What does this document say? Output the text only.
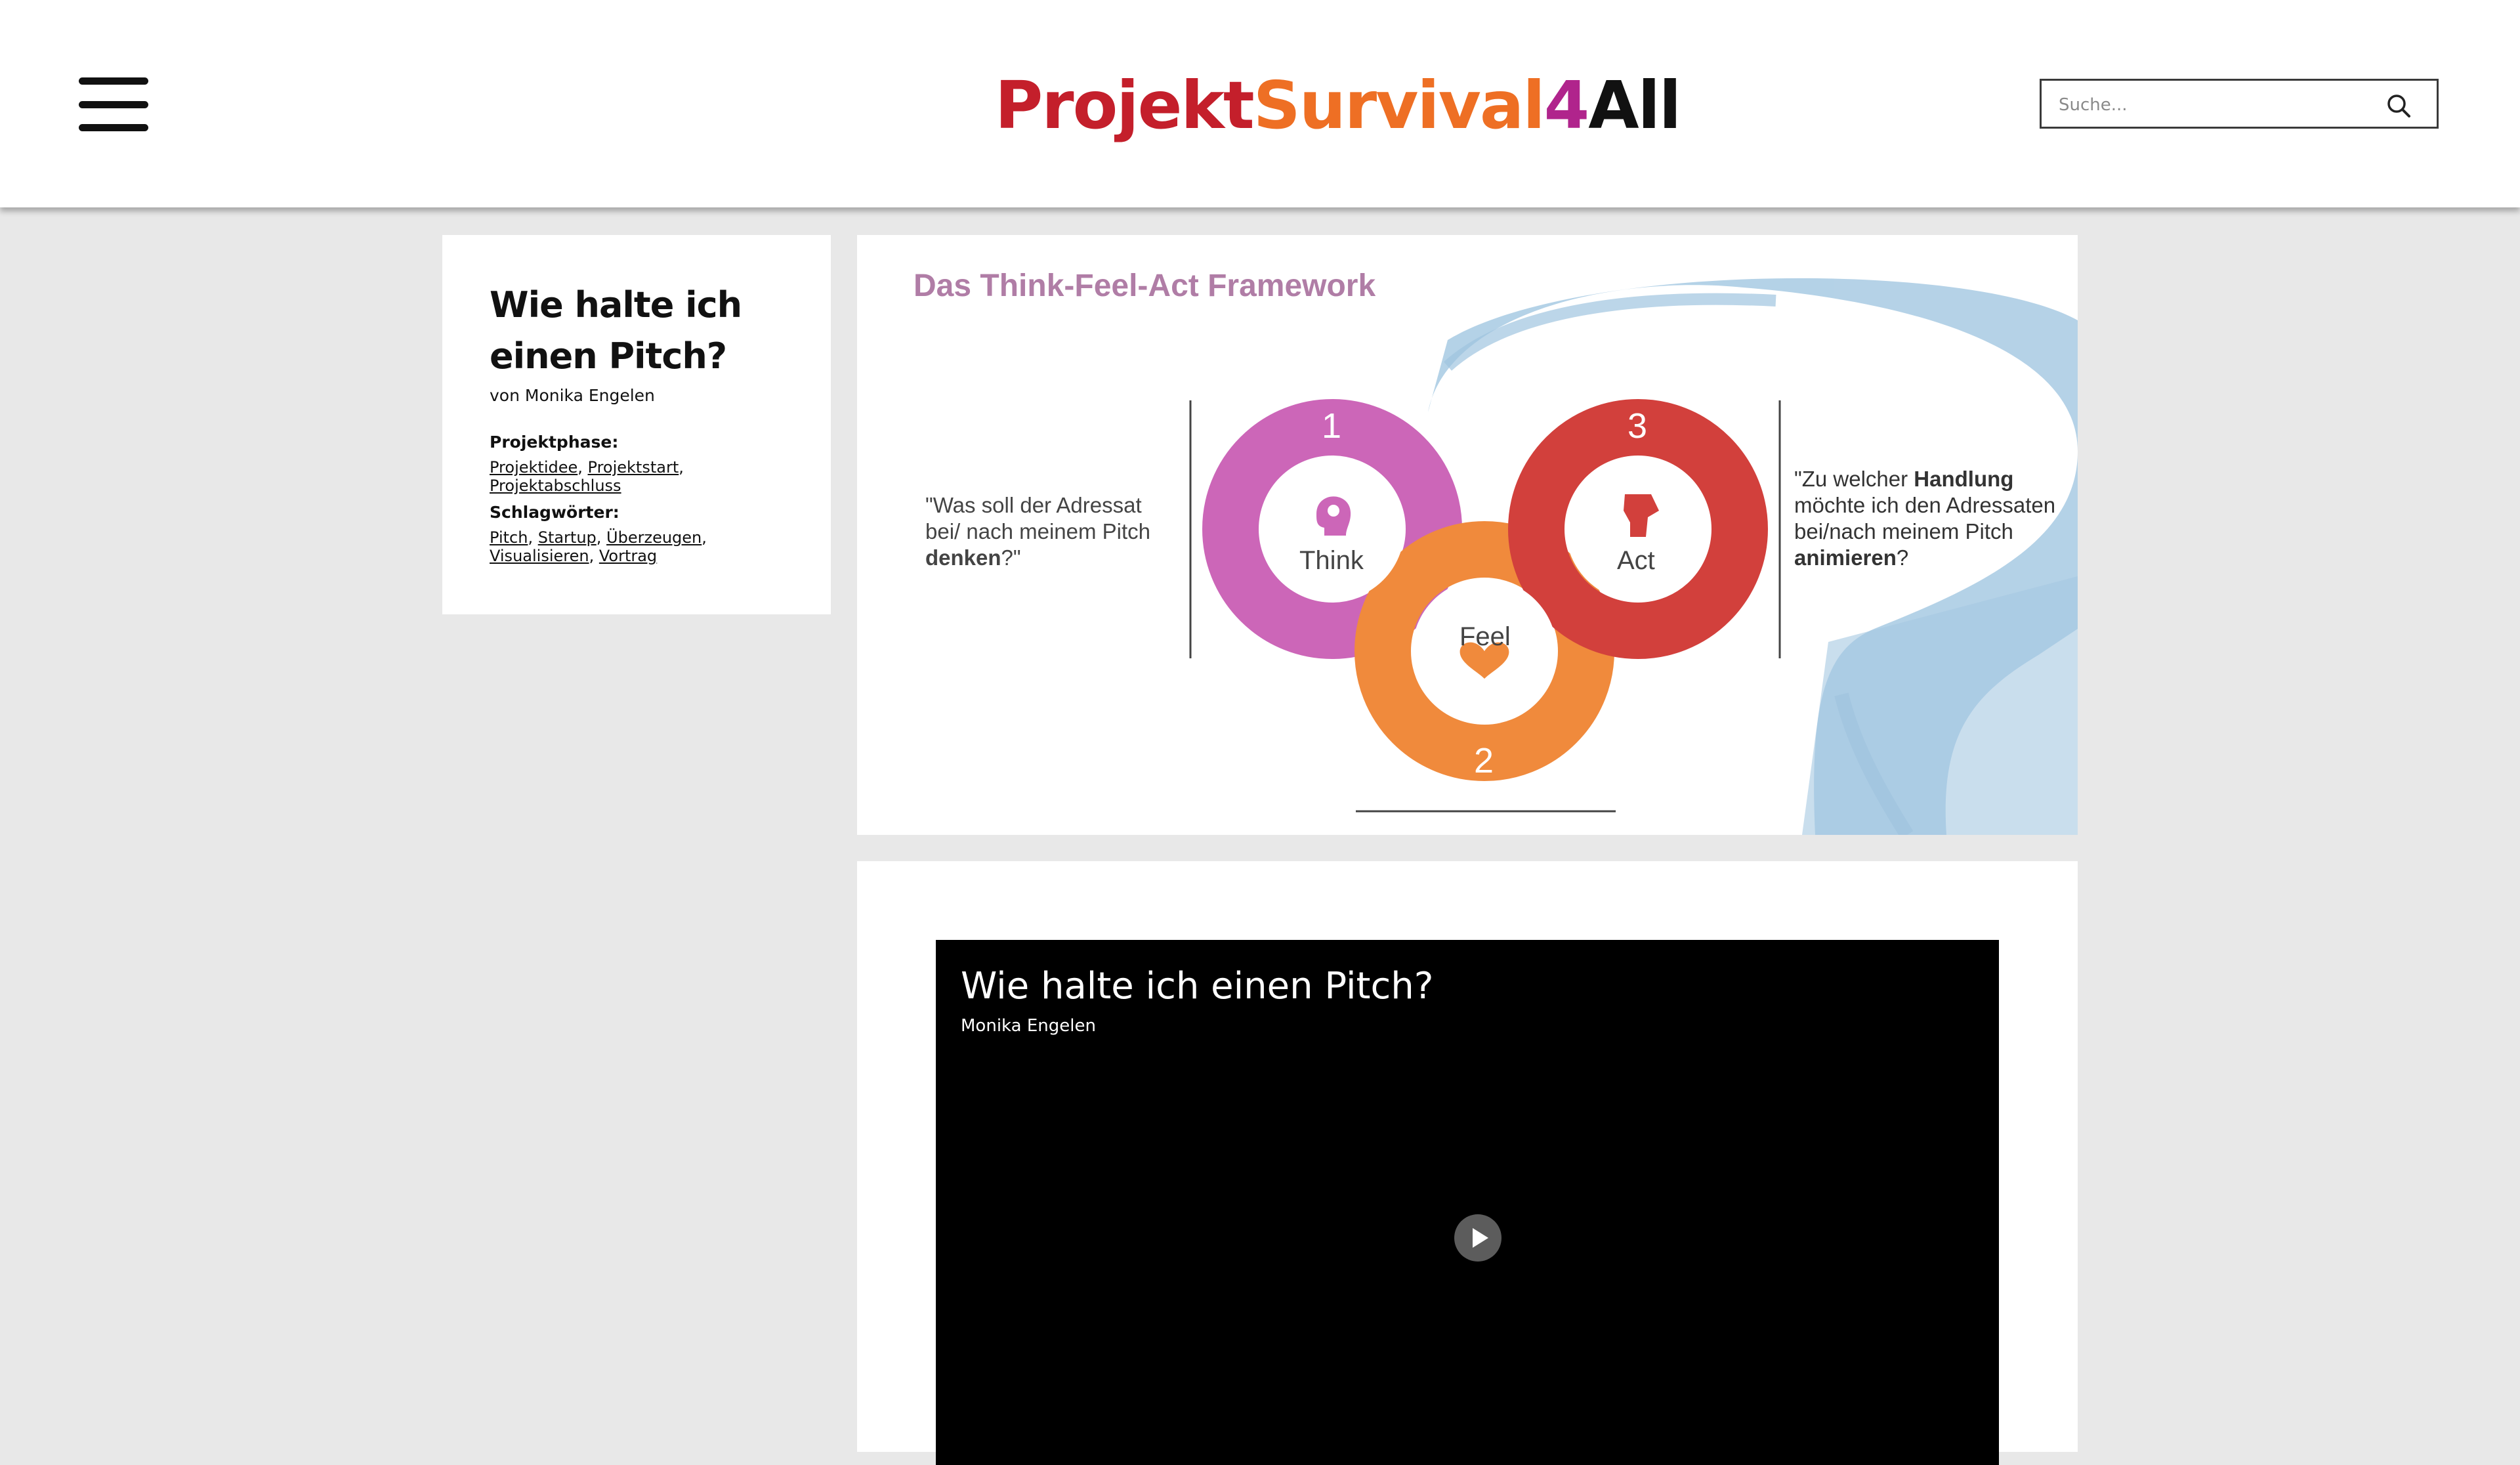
ProjektSurvival4All
Suche...
Wie halte ich einen Pitch?
von Monika Engelen
Projektphase:
Projektidee, Projektstart,
Projektabschluss
Schlagwörter:
Pitch, Startup, Überzeugen,
Visualisieren, Vortrag
Das Think-Feel-Act Framework
1
Think
2
Feel
3
Act
"Was soll der Adressat
bei/ nach meinem Pitch
denken?"
"Zu welcher Handlung
möchte ich den Adressaten
bei/nach meinem Pitch
animieren?
Wie halte ich einen Pitch?
Monika Engelen
